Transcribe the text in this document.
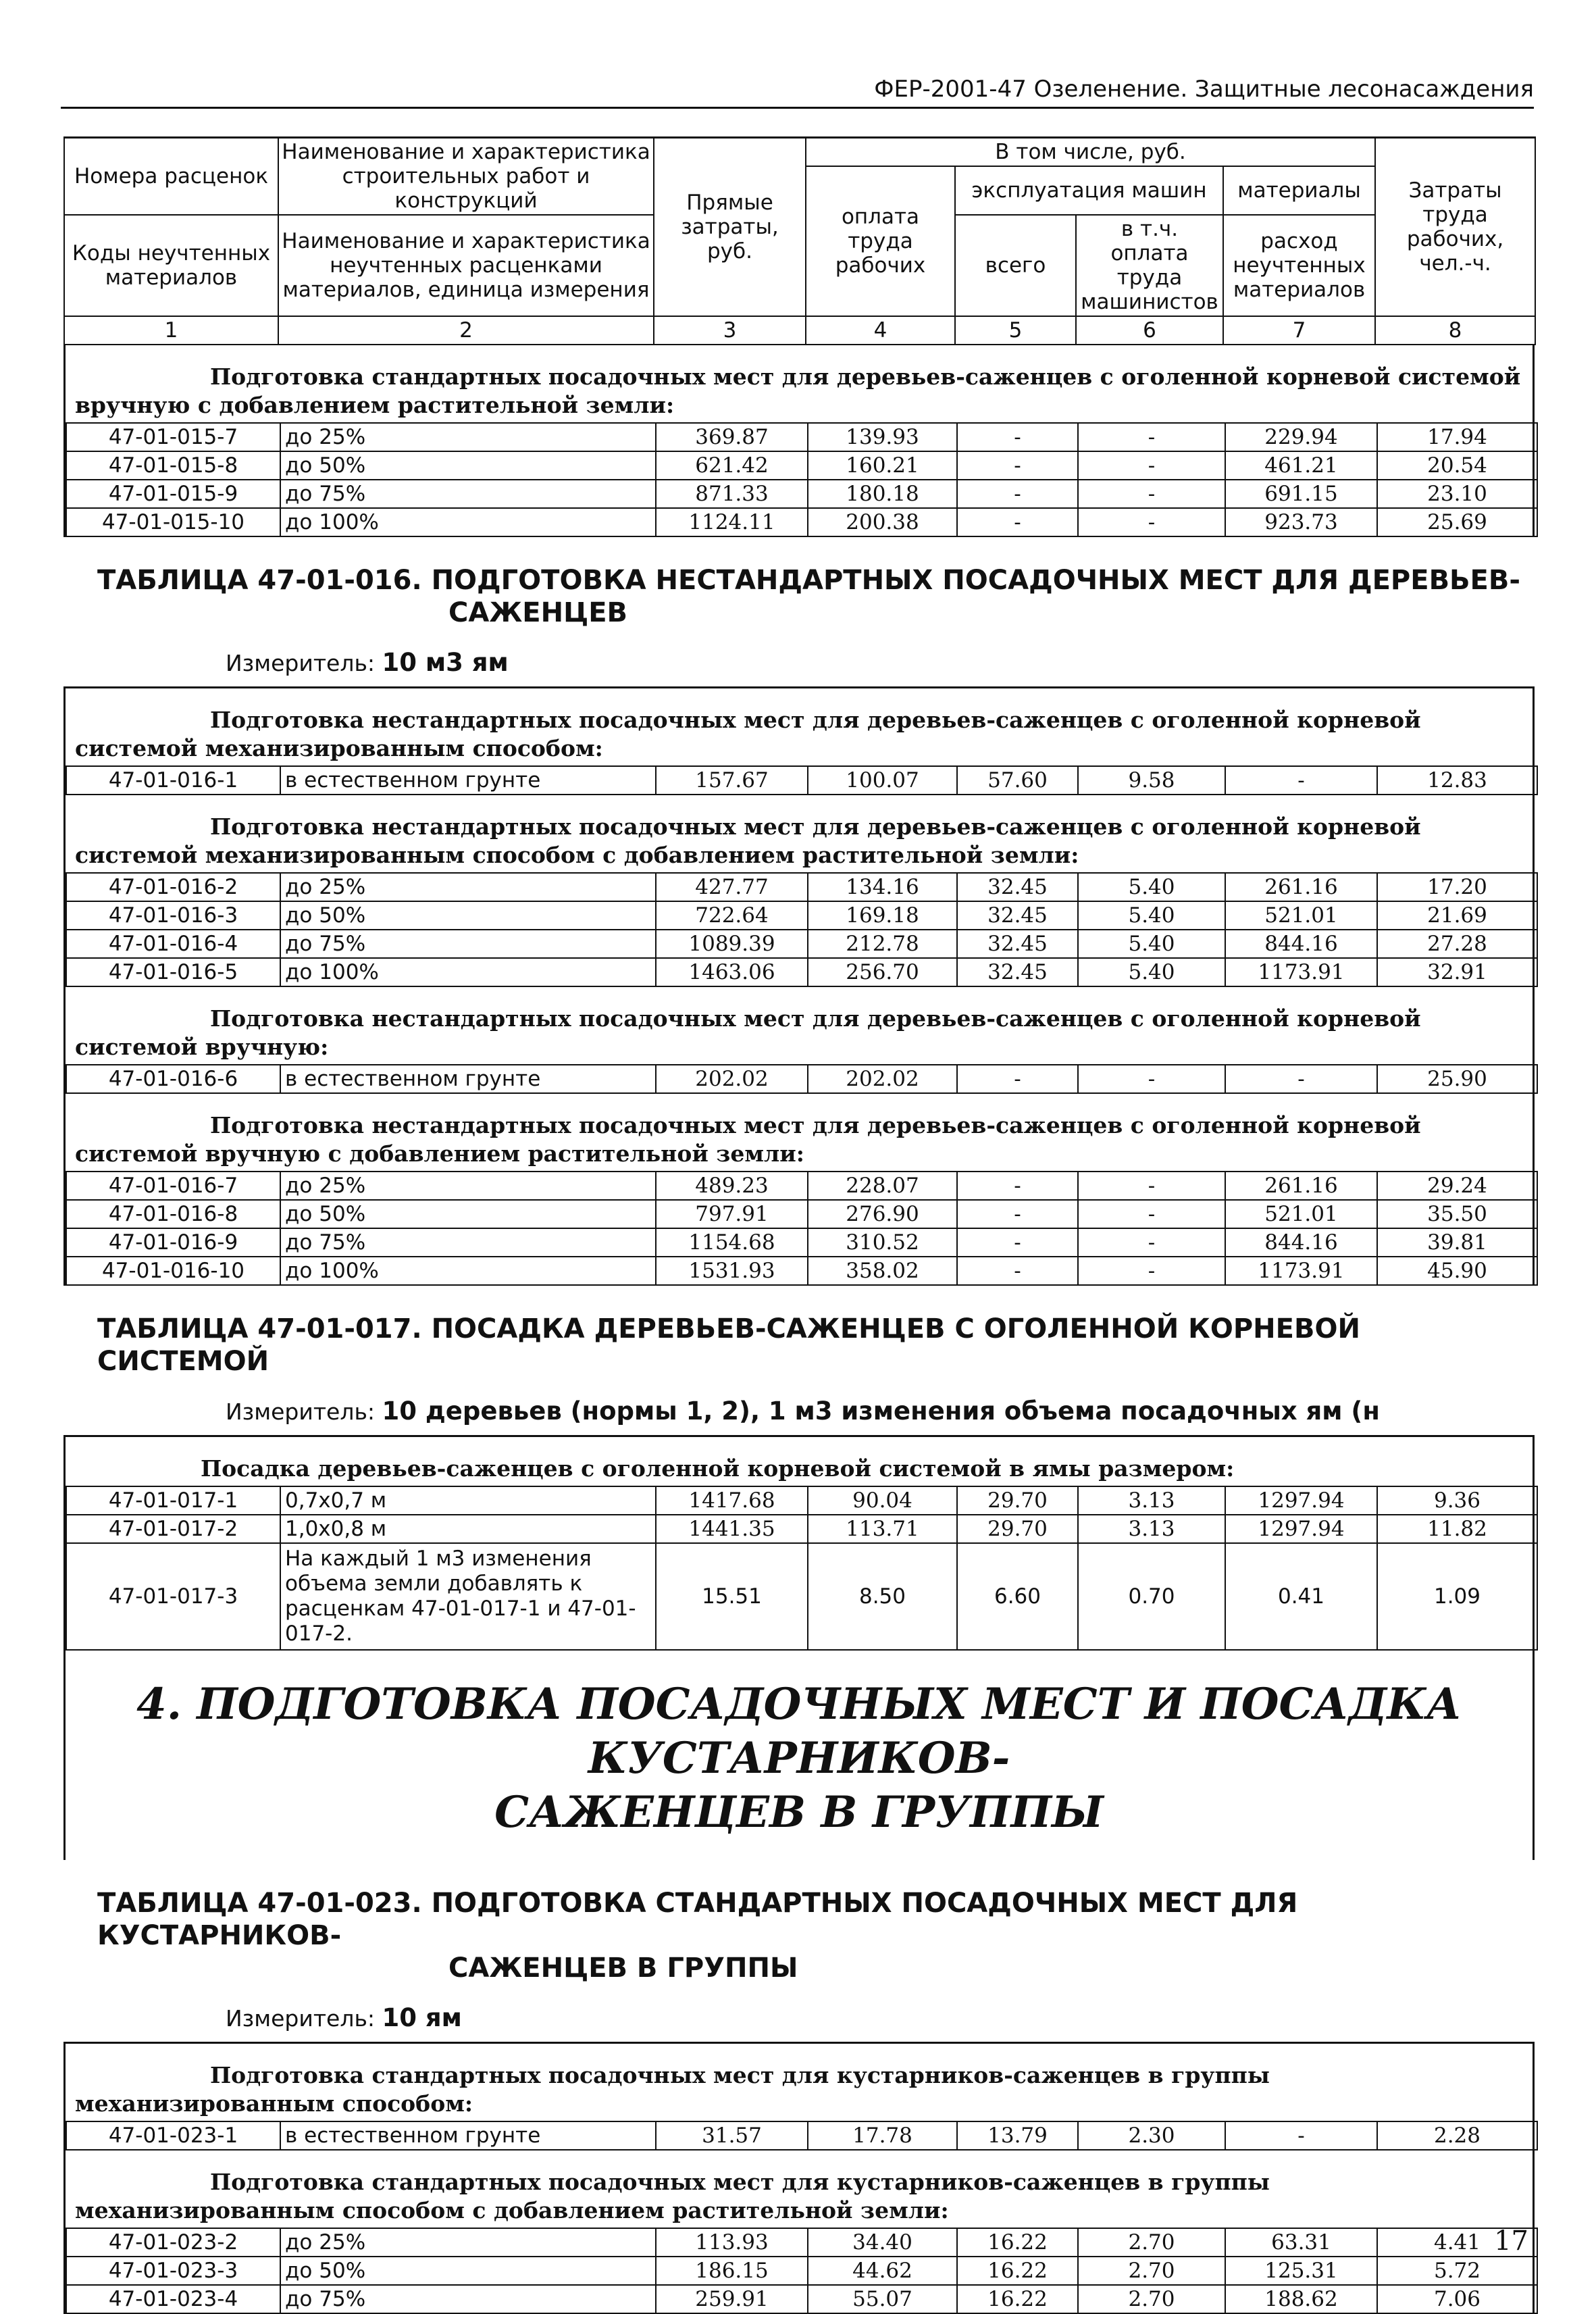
ФЕР-2001-47 Озеленение. Защитные лесонасаждения
Номера расценок	Наименование и характеристика строительных работ и конструкций	Прямые затраты, руб.	В том числе, руб.				Затраты труда рабочих, чел.-ч.
			оплата труда рабочих	эксплуатация машин		материалы	
Коды неучтенных материалов	Наименование и характеристика неучтенных расценками материалов, единица измерения			всего	в т.ч. оплата труда машинистов	расход неучтенных материалов	

1	2	3	4	5	6	7	8
Подготовка стандартных посадочных мест для деревьев-саженцев с оголенной корневой системой вручную с добавлением растительной земли:
47-01-015-7	до 25%	369.87	139.93	-	-	229.94	17.94
47-01-015-8	до 50%	621.42	160.21	-	-	461.21	20.54
47-01-015-9	до 75%	871.33	180.18	-	-	691.15	23.10
47-01-015-10	до 100%	1124.11	200.38	-	-	923.73	25.69
ТАБЛИЦА 47-01-016. ПОДГОТОВКА НЕСТАНДАРТНЫХ ПОСАДОЧНЫХ МЕСТ ДЛЯ ДЕРЕВЬЕВ-
САЖЕНЦЕВ
Измеритель: 10 м3 ям
Подготовка нестандартных посадочных мест для деревьев-саженцев с оголенной корневой системой механизированным способом:
47-01-016-1	в естественном грунте	157.67	100.07	57.60	9.58	-	12.83
Подготовка нестандартных посадочных мест для деревьев-саженцев с оголенной корневой системой механизированным способом с добавлением растительной земли:
47-01-016-2	до 25%	427.77	134.16	32.45	5.40	261.16	17.20
47-01-016-3	до 50%	722.64	169.18	32.45	5.40	521.01	21.69
47-01-016-4	до 75%	1089.39	212.78	32.45	5.40	844.16	27.28
47-01-016-5	до 100%	1463.06	256.70	32.45	5.40	1173.91	32.91
Подготовка нестандартных посадочных мест для деревьев-саженцев с оголенной корневой системой вручную:
47-01-016-6	в естественном грунте	202.02	202.02	-	-	-	25.90
Подготовка нестандартных посадочных мест для деревьев-саженцев с оголенной корневой системой вручную с добавлением растительной земли:
47-01-016-7	до 25%	489.23	228.07	-	-	261.16	29.24
47-01-016-8	до 50%	797.91	276.90	-	-	521.01	35.50
47-01-016-9	до 75%	1154.68	310.52	-	-	844.16	39.81
47-01-016-10	до 100%	1531.93	358.02	-	-	1173.91	45.90
ТАБЛИЦА 47-01-017. ПОСАДКА ДЕРЕВЬЕВ-САЖЕНЦЕВ С ОГОЛЕННОЙ КОРНЕВОЙ СИСТЕМОЙ
Измеритель: 10 деревьев (нормы 1, 2), 1 м3 изменения объема посадочных ям (н
Посадка деревьев-саженцев с оголенной корневой системой в ямы размером:
47-01-017-1	0,7x0,7 м	1417.68	90.04	29.70	3.13	1297.94	9.36
47-01-017-2	1,0x0,8 м	1441.35	113.71	29.70	3.13	1297.94	11.82
47-01-017-3	На каждый 1 м3 изменения объема земли добавлять к расценкам 47-01-017-1 и 47-01-017-2.	15.51	8.50	6.60	0.70	0.41	1.09
4. ПОДГОТОВКА ПОСАДОЧНЫХ МЕСТ И ПОСАДКА КУСТАРНИКОВ-
САЖЕНЦЕВ В ГРУППЫ
ТАБЛИЦА 47-01-023. ПОДГОТОВКА СТАНДАРТНЫХ ПОСАДОЧНЫХ МЕСТ ДЛЯ КУСТАРНИКОВ-
САЖЕНЦЕВ В ГРУППЫ
Измеритель: 10 ям
Подготовка стандартных посадочных мест для кустарников-саженцев в группы механизированным способом:
47-01-023-1	в естественном грунте	31.57	17.78	13.79	2.30	-	2.28
Подготовка стандартных посадочных мест для кустарников-саженцев в группы механизированным способом с добавлением растительной земли:
47-01-023-2	до 25%	113.93	34.40	16.22	2.70	63.31	4.41
47-01-023-3	до 50%	186.15	44.62	16.22	2.70	125.31	5.72
47-01-023-4	до 75%	259.91	55.07	16.22	2.70	188.62	7.06
17
